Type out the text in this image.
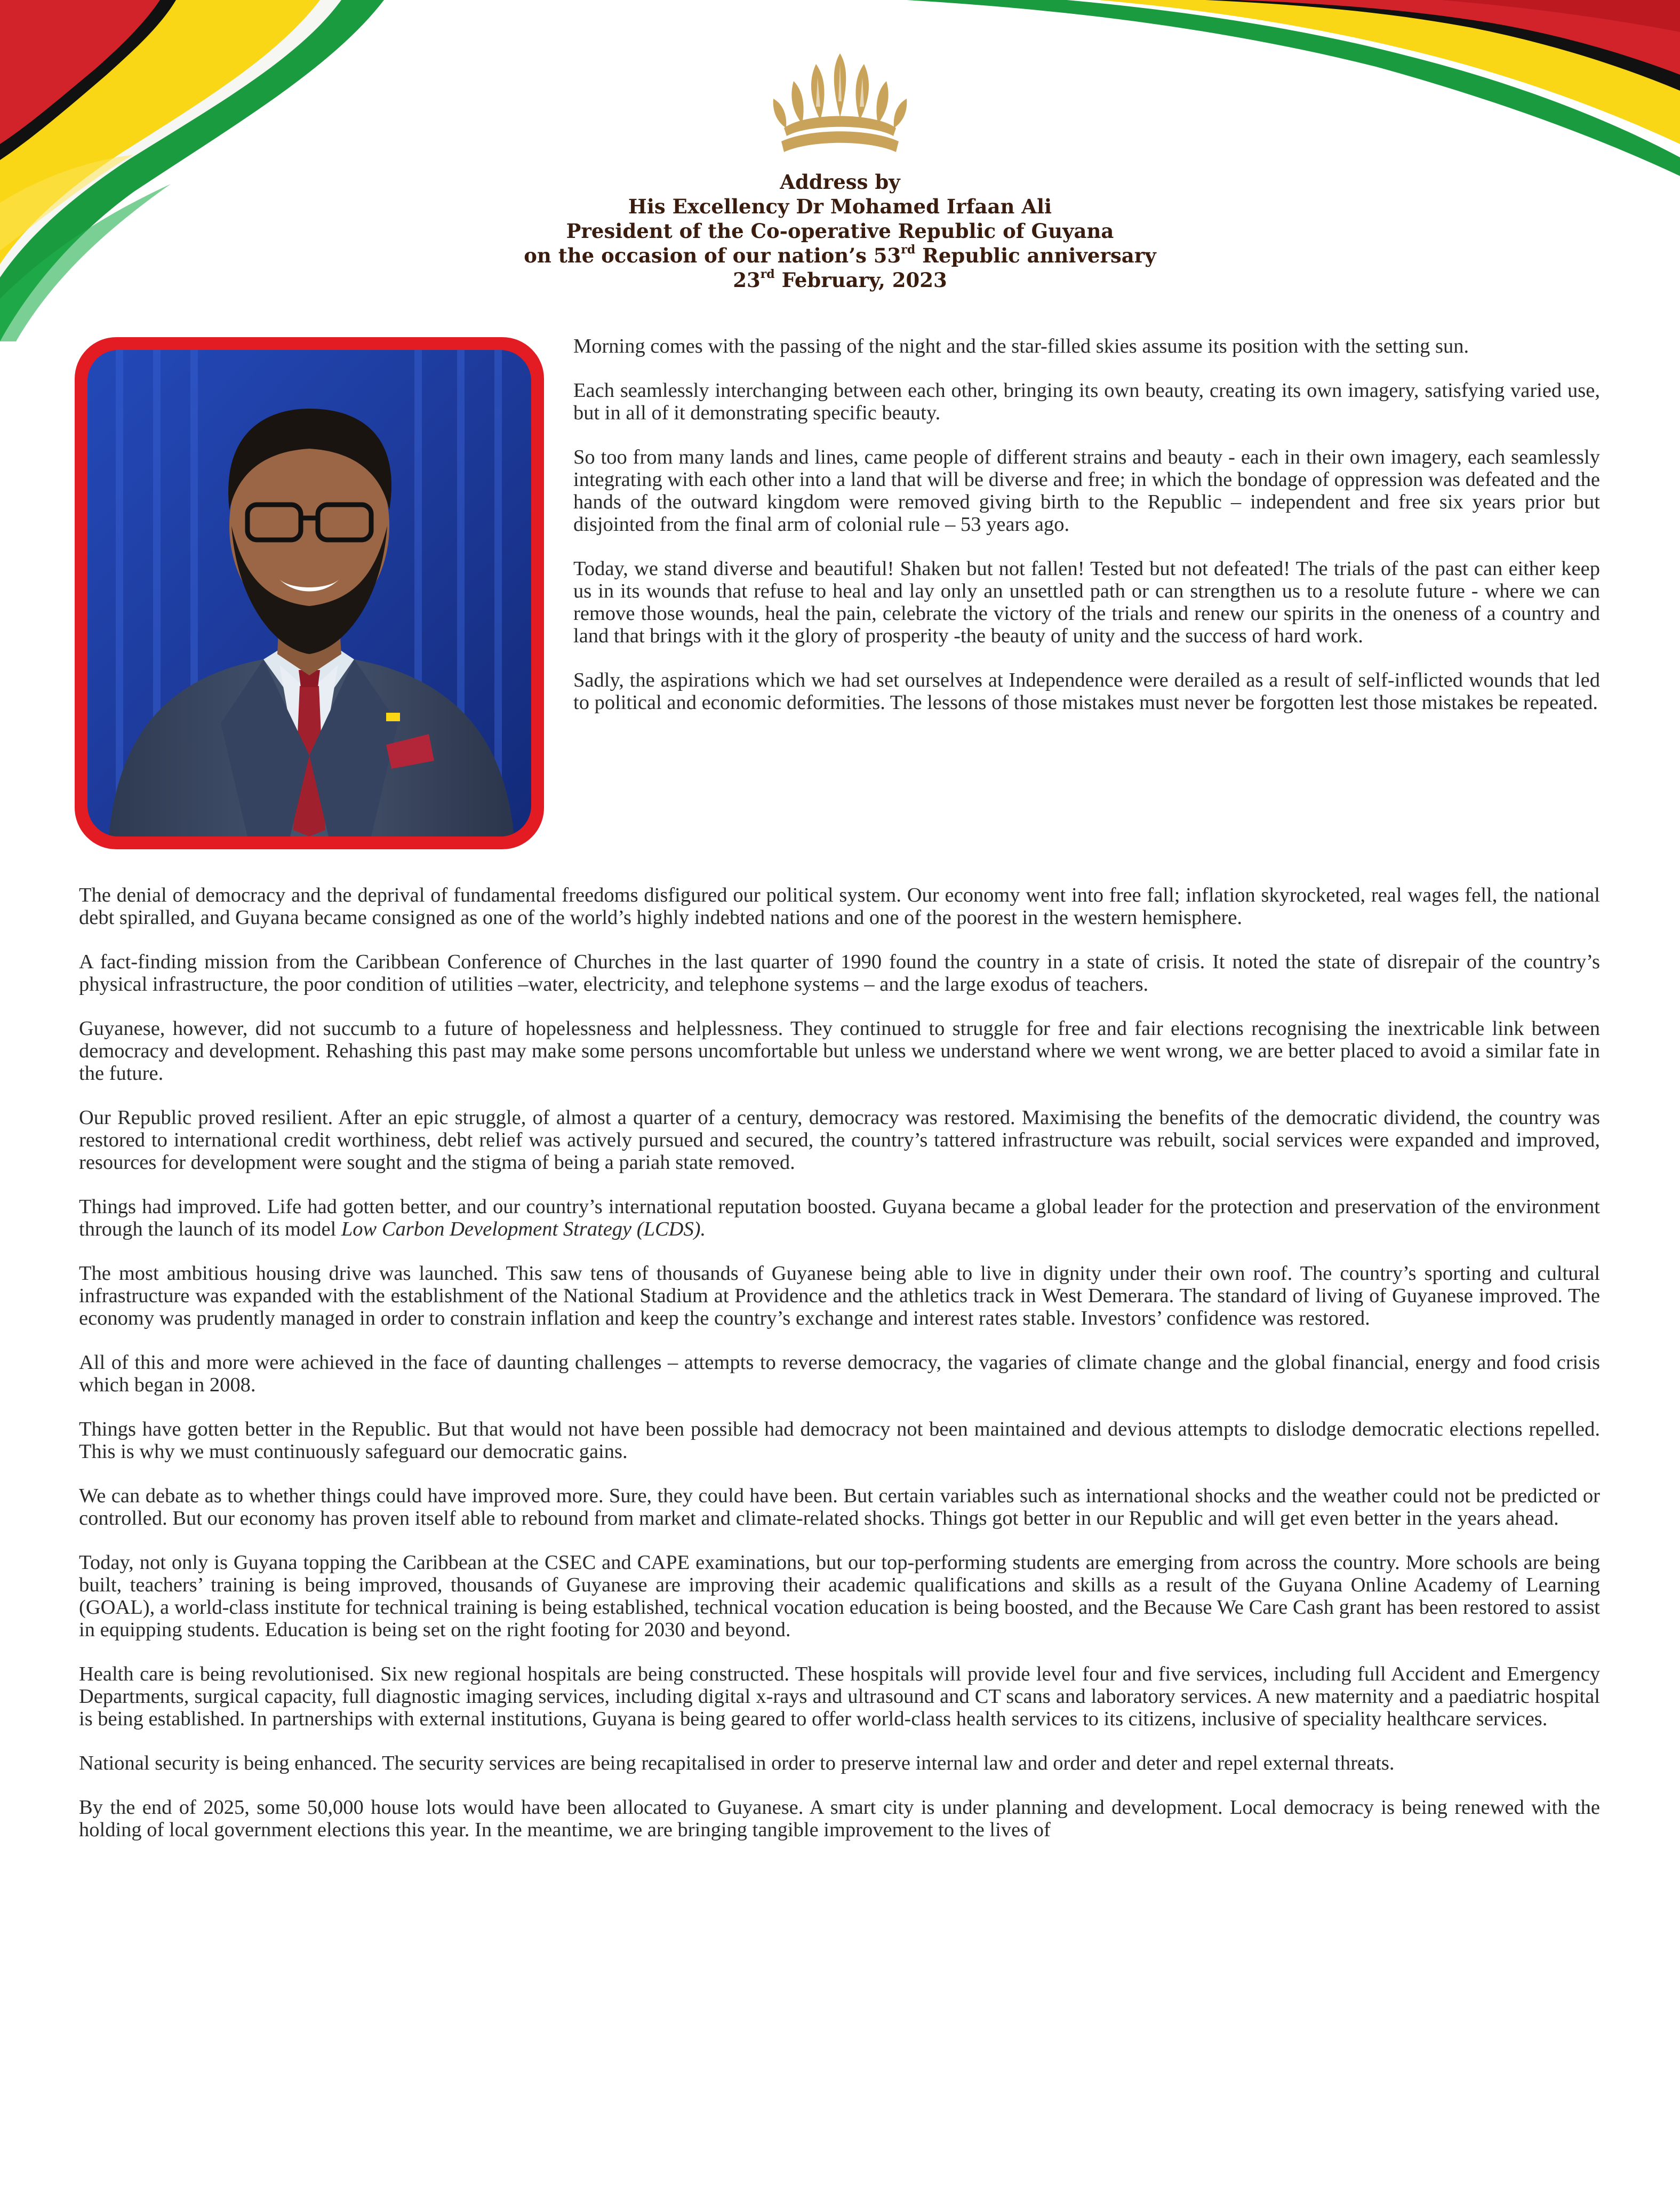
Address by
His Excellency Dr Mohamed Irfaan Ali
President of the Co-operative Republic of Guyana
on the occasion of our nation’s 53rd Republic anniversary
23rd February, 2023

Morning comes with the passing of the night and the star-filled skies assume its position with the setting sun.

Each seamlessly interchanging between each other, bringing its own beauty, creating its own imagery, satisfying varied use, but in all of it demonstrating specific beauty.

So too from many lands and lines, came people of different strains and beauty - each in their own imagery, each seamlessly integrating with each other into a land that will be diverse and free; in which the bondage of oppression was defeated and the hands of the outward kingdom were removed giving birth to the Republic – independent and free six years prior but disjointed from the final arm of colonial rule – 53 years ago.

Today, we stand diverse and beautiful! Shaken but not fallen! Tested but not defeated! The trials of the past can either keep us in its wounds that refuse to heal and lay only an unsettled path or can strengthen us to a resolute future - where we can remove those wounds, heal the pain, celebrate the victory of the trials and renew our spirits in the oneness of a country and land that brings with it the glory of prosperity -the beauty of unity and the success of hard work.

Sadly, the aspirations which we had set ourselves at Independence were derailed as a result of self-inflicted wounds that led to political and economic deformities. The lessons of those mistakes must never be forgotten lest those mistakes be repeated.

The denial of democracy and the deprival of fundamental freedoms disfigured our political system. Our economy went into free fall; inflation skyrocketed, real wages fell, the national debt spiralled, and Guyana became consigned as one of the world’s highly indebted nations and one of the poorest in the western hemisphere.

A fact-finding mission from the Caribbean Conference of Churches in the last quarter of 1990 found the country in a state of crisis. It noted the state of disrepair of the country’s physical infrastructure, the poor condition of utilities –water, electricity, and telephone systems – and the large exodus of teachers.

Guyanese, however, did not succumb to a future of hopelessness and helplessness. They continued to struggle for free and fair elections recognising the inextricable link between democracy and development. Rehashing this past may make some persons uncomfortable but unless we understand where we went wrong, we are better placed to avoid a similar fate in the future.

Our Republic proved resilient. After an epic struggle, of almost a quarter of a century, democracy was restored. Maximising the benefits of the democratic dividend, the country was restored to international credit worthiness, debt relief was actively pursued and secured, the country’s tattered infrastructure was rebuilt, social services were expanded and improved, resources for development were sought and the stigma of being a pariah state removed.

Things had improved. Life had gotten better, and our country’s international reputation boosted. Guyana became a global leader for the protection and preservation of the environment through the launch of its model Low Carbon Development Strategy (LCDS).

The most ambitious housing drive was launched. This saw tens of thousands of Guyanese being able to live in dignity under their own roof. The country’s sporting and cultural infrastructure was expanded with the establishment of the National Stadium at Providence and the athletics track in West Demerara. The standard of living of Guyanese improved. The economy was prudently managed in order to constrain inflation and keep the country’s exchange and interest rates stable. Investors’ confidence was restored.

All of this and more were achieved in the face of daunting challenges – attempts to reverse democracy, the vagaries of climate change and the global financial, energy and food crisis which began in 2008.

Things have gotten better in the Republic. But that would not have been possible had democracy not been maintained and devious attempts to dislodge democratic elections repelled. This is why we must continuously safeguard our democratic gains.

We can debate as to whether things could have improved more. Sure, they could have been. But certain variables such as international shocks and the weather could not be predicted or controlled. But our economy has proven itself able to rebound from market and climate-related shocks. Things got better in our Republic and will get even better in the years ahead.

Today, not only is Guyana topping the Caribbean at the CSEC and CAPE examinations, but our top-performing students are emerging from across the country. More schools are being built, teachers’ training is being improved, thousands of Guyanese are improving their academic qualifications and skills as a result of the Guyana Online Academy of Learning (GOAL), a world-class institute for technical training is being established, technical vocation education is being boosted, and the Because We Care Cash grant has been restored to assist in equipping students. Education is being set on the right footing for 2030 and beyond.

Health care is being revolutionised. Six new regional hospitals are being constructed. These hospitals will provide level four and five services, including full Accident and Emergency Departments, surgical capacity, full diagnostic imaging services, including digital x-rays and ultrasound and CT scans and laboratory services. A new maternity and a paediatric hospital is being established. In partnerships with external institutions, Guyana is being geared to offer world-class health services to its citizens, inclusive of speciality healthcare services.

National security is being enhanced. The security services are being recapitalised in order to preserve internal law and order and deter and repel external threats.

By the end of 2025, some 50,000 house lots would have been allocated to Guyanese. A smart city is under planning and development. Local democracy is being renewed with the holding of local government elections this year. In the meantime, we are bringing tangible improvement to the lives of
